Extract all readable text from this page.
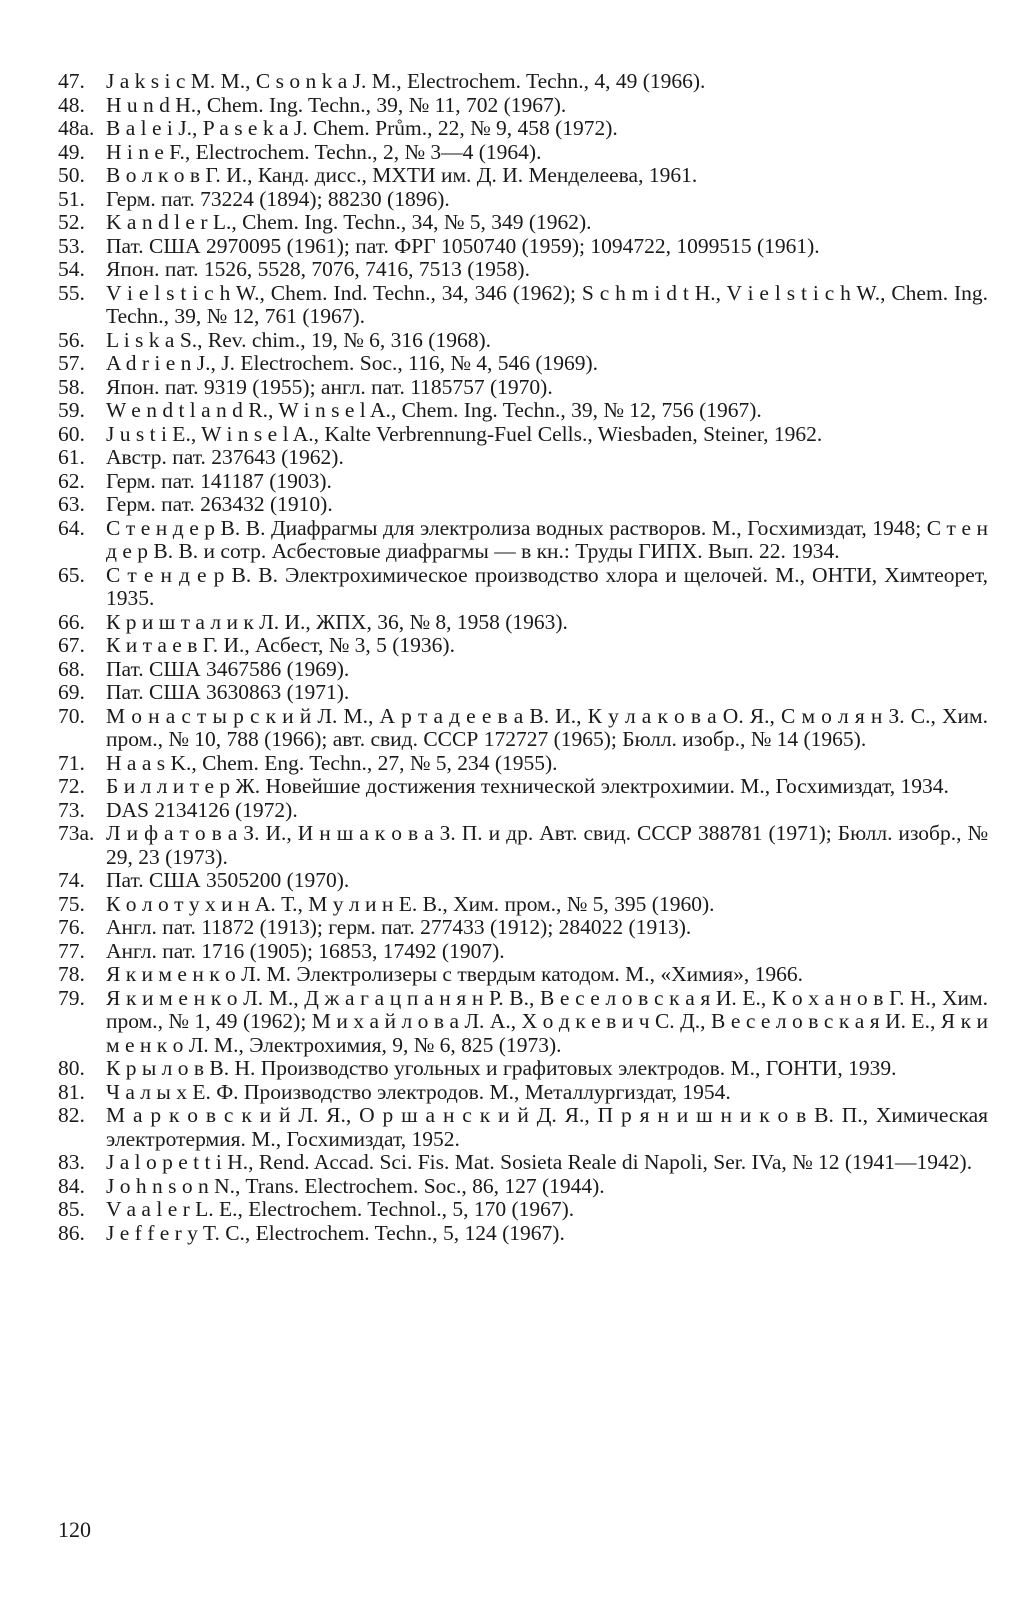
47. J a k s i c M. M., C s o n k a J. M., Electrochem. Techn., 4, 49 (1966).
48. H u n d H., Chem. Ing. Techn., 39, № 11, 702 (1967).
48a. B a l e i J., P a s e k a J. Chem. Prům., 22, № 9, 458 (1972).
49. H i n e F., Electrochem. Techn., 2, № 3—4 (1964).
50. В о л к о в Г. И., Канд. дисс., МХТИ им. Д. И. Менделеева, 1961.
51. Герм. пат. 73224 (1894); 88230 (1896).
52. K a n d l e r L., Chem. Ing. Techn., 34, № 5, 349 (1962).
53. Пат. США 2970095 (1961); пат. ФРГ 1050740 (1959); 1094722, 1099515 (1961).
54. Япон. пат. 1526, 5528, 7076, 7416, 7513 (1958).
55. V i e l s t i c h W., Chem. Ind. Techn., 34, 346 (1962); S c h m i d t H., V i e l s t i c h W., Chem. Ing. Techn., 39, № 12, 761 (1967).
56. L i s k a S., Rev. chim., 19, № 6, 316 (1968).
57. A d r i e n J., J. Electrochem. Soc., 116, № 4, 546 (1969).
58. Япон. пат. 9319 (1955); англ. пат. 1185757 (1970).
59. W e n d t l a n d R., W i n s e l A., Chem. Ing. Techn., 39, № 12, 756 (1967).
60. J u s t i E., W i n s e l A., Kalte Verbrennung-Fuel Cells., Wiesbaden, Steiner, 1962.
61. Австр. пат. 237643 (1962).
62. Герм. пат. 141187 (1903).
63. Герм. пат. 263432 (1910).
64. С т е н д е р В. В. Диафрагмы для электролиза водных растворов. М., Госхимиздат, 1948; С т е н д е р В. В. и сотр. Асбестовые диафрагмы — в кн.: Труды ГИПХ. Вып. 22. 1934.
65. С т е н д е р В. В. Электрохимическое производство хлора и щелочей. М., ОНТИ, Химтеорет, 1935.
66. К р и ш т а л и к Л. И., ЖПХ, 36, № 8, 1958 (1963).
67. К и т а е в Г. И., Асбест, № 3, 5 (1936).
68. Пат. США 3467586 (1969).
69. Пат. США 3630863 (1971).
70. М о н а с т ы р с к и й Л. М., А р т а д е е в а В. И., К у л а к о в а О. Я., С м о л я н З. С., Хим. пром., № 10, 788 (1966); авт. свид. СССР 172727 (1965); Бюлл. изобр., № 14 (1965).
71. H a a s K., Chem. Eng. Techn., 27, № 5, 234 (1955).
72. Б и л л и т е р Ж. Новейшие достижения технической электрохимии. М., Госхимиздат, 1934.
73. DAS 2134126 (1972).
73a. Л и ф а т о в а З. И., И н ш а к о в а З. П. и др. Авт. свид. СССР 388781 (1971); Бюлл. изобр., № 29, 23 (1973).
74. Пат. США 3505200 (1970).
75. К о л о т у х и н А. Т., М у л и н Е. В., Хим. пром., № 5, 395 (1960).
76. Англ. пат. 11872 (1913); герм. пат. 277433 (1912); 284022 (1913).
77. Англ. пат. 1716 (1905); 16853, 17492 (1907).
78. Я к и м е н к о Л. М. Электролизеры с твердым катодом. М., «Химия», 1966.
79. Я к и м е н к о Л. М., Д ж а г а ц п а н я н Р. В., В е с е л о в с к а я И. Е., К о х а н о в Г. Н., Хим. пром., № 1, 49 (1962); М и х а й л о в а Л. А., Х о д к е в и ч С. Д., В е с е л о в с к а я И. Е., Я к и м е н к о Л. М., Электрохимия, 9, № 6, 825 (1973).
80. К р ы л о в В. Н. Производство угольных и графитовых электродов. М., ГОНТИ, 1939.
81. Ч а л ы х Е. Ф. Производство электродов. М., Металлургиздат, 1954.
82. М а р к о в с к и й Л. Я., О р ш а н с к и й Д. Я., П р я н и ш н и к о в В. П., Химическая электротермия. М., Госхимиздат, 1952.
83. J a l o p e t t i H., Rend. Accad. Sci. Fis. Mat. Sosieta Reale di Napoli, Ser. IVa, № 12 (1941—1942).
84. J o h n s o n N., Trans. Electrochem. Soc., 86, 127 (1944).
85. V a a l e r L. E., Electrochem. Technol., 5, 170 (1967).
86. J e f f e r y T. C., Electrochem. Techn., 5, 124 (1967).
120
